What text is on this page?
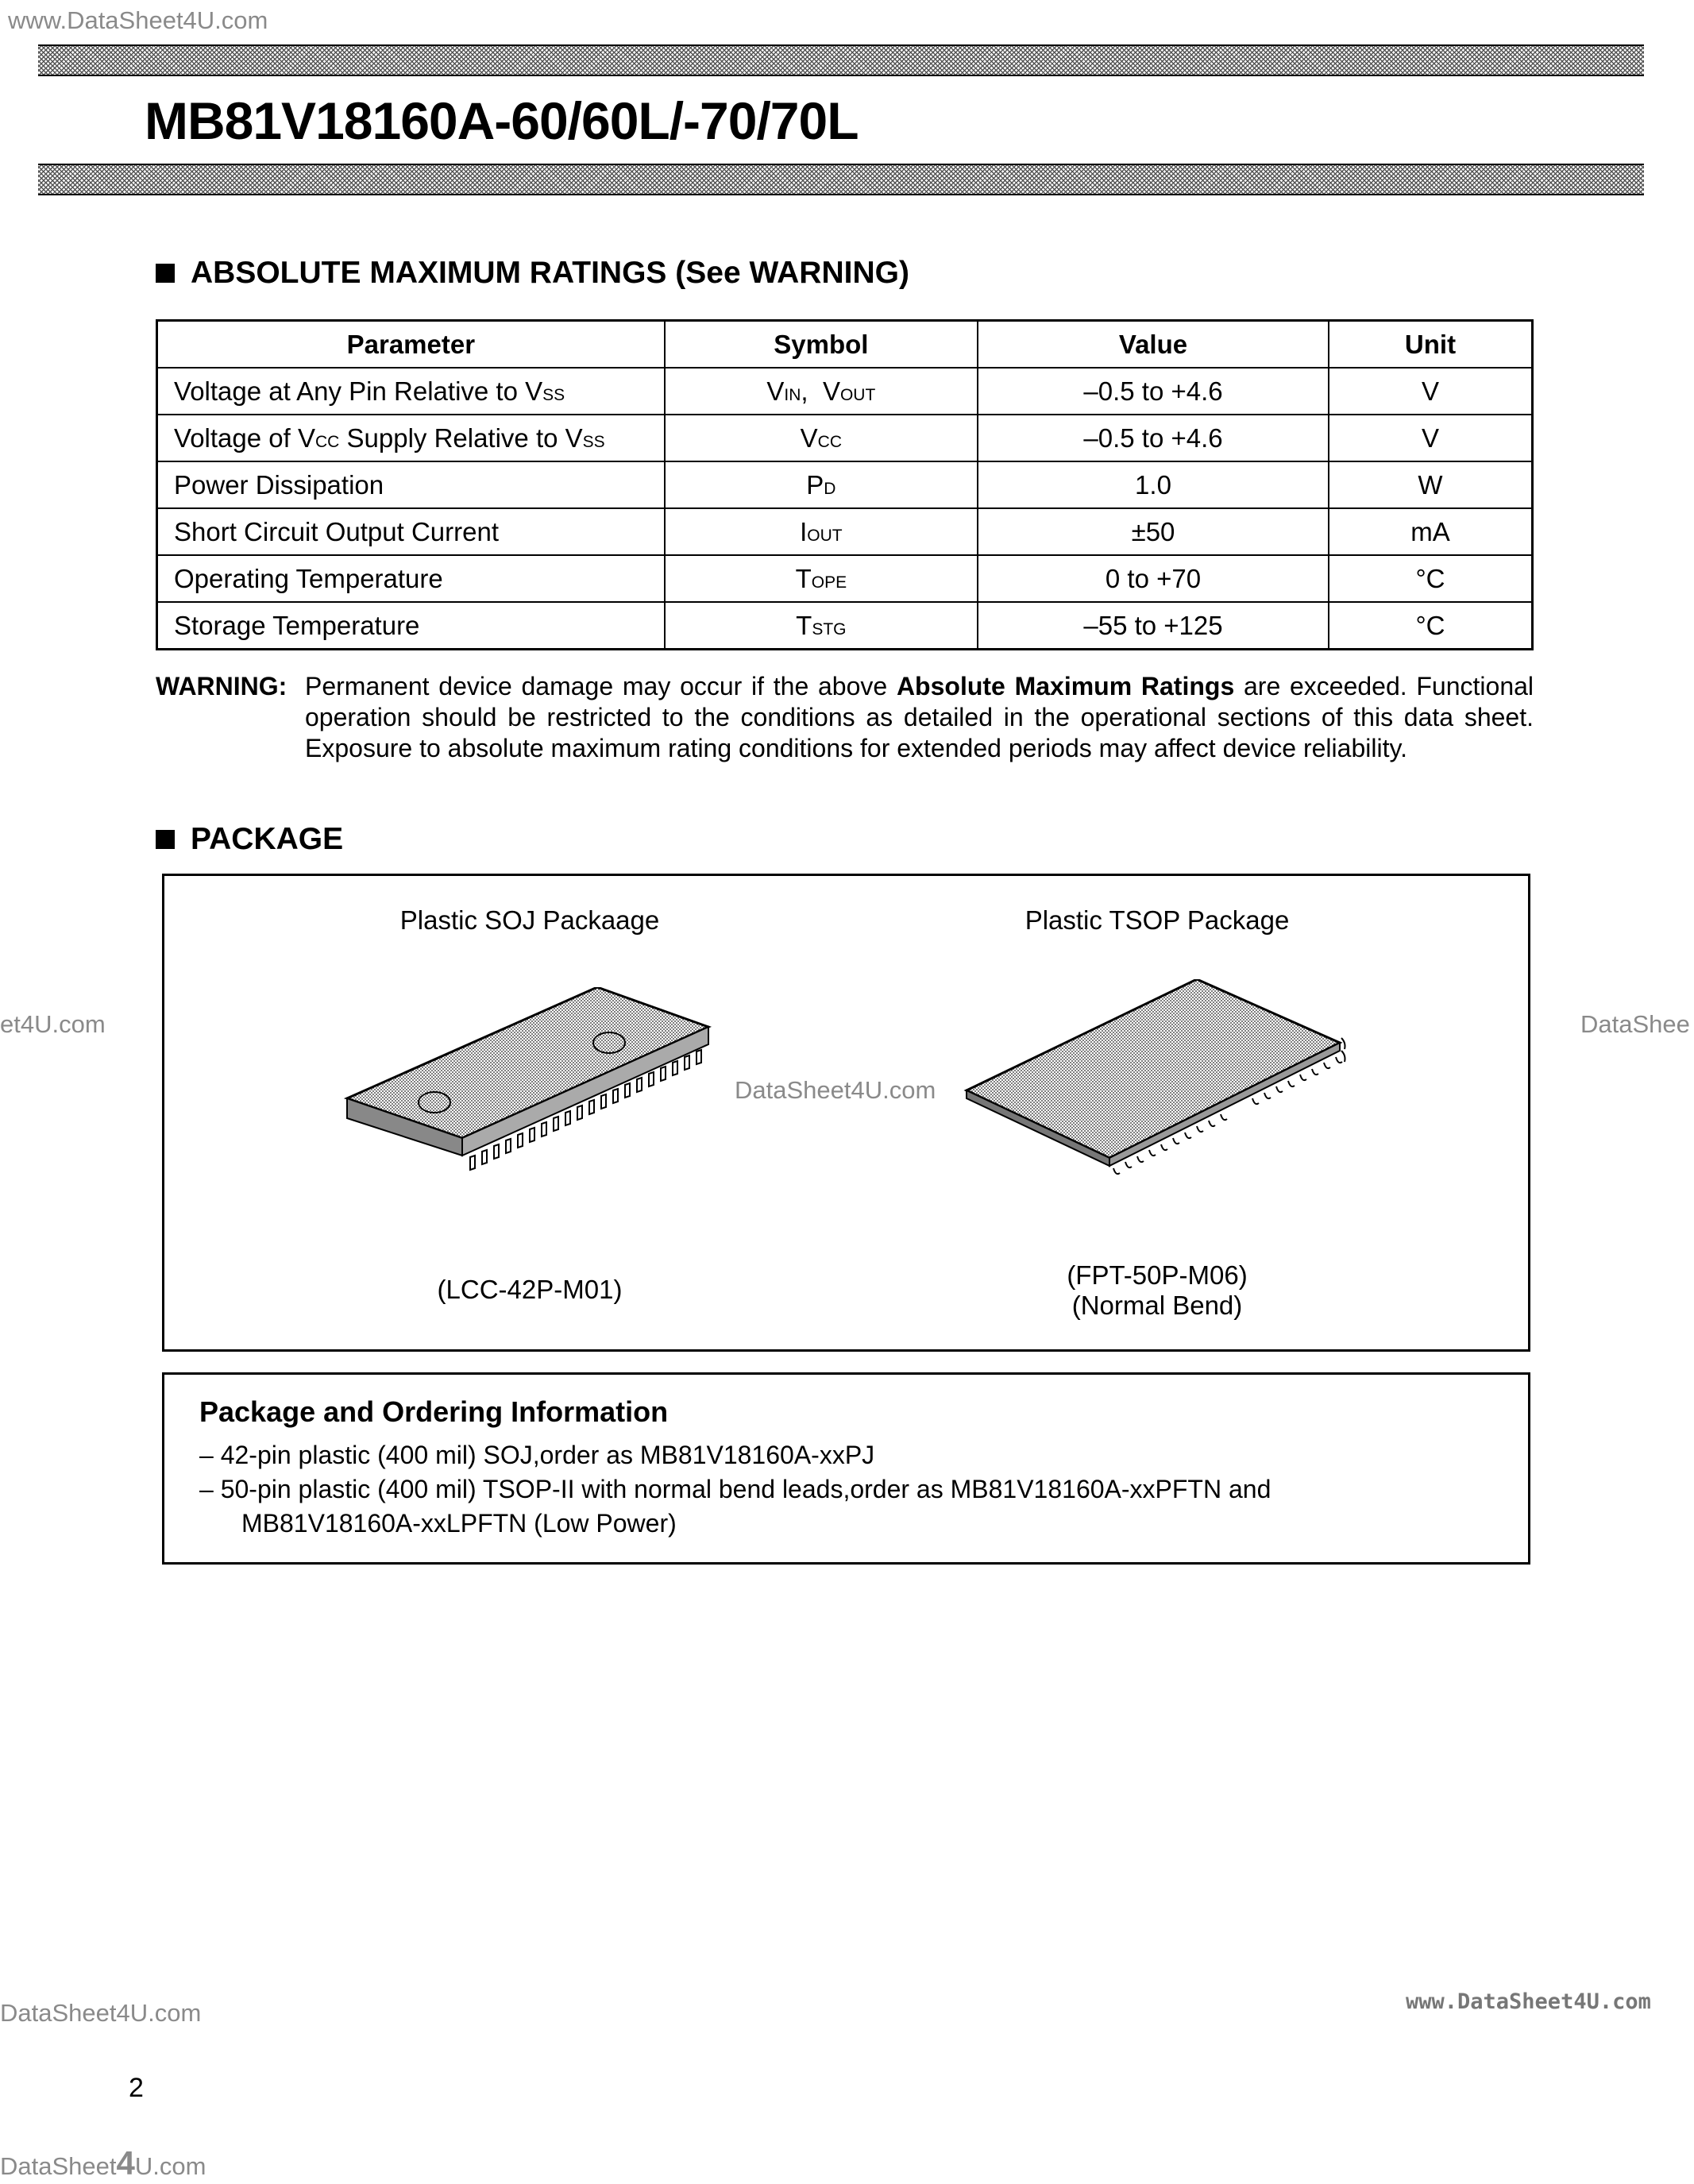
www.DataSheet4U.com
et4U.com
DataSheet4U.com
DataShee
DataSheet4U.com	www.DataSheet4U.com
DataSheet4U.com
MB81V18160A-60/60L/-70/70L
ABSOLUTE MAXIMUM RATINGS (See WARNING)
Parameter	Symbol	Value	Unit
Voltage at Any Pin Relative to VSS	VIN,  VOUT	–0.5 to +4.6	V
Voltage of VCC Supply Relative to VSS	VCC	–0.5 to +4.6	V
Power Dissipation	PD	1.0	W
Short Circuit Output Current	IOUT	±50	mA
Operating Temperature	TOPE	0 to +70	°C
Storage Temperature	TSTG	–55 to +125	°C
WARNING: Permanent device damage may occur if the above Absolute Maximum Ratings are exceeded. Functional operation should be restricted to the conditions as detailed in the operational sections of this data sheet. Exposure to absolute maximum rating conditions for extended periods may affect device reliability.
PACKAGE
Plastic SOJ Packaage	Plastic TSOP Package
(LCC-42P-M01)	(FPT-50P-M06)
(Normal Bend)
Package and Ordering Information
– 42-pin plastic (400 mil) SOJ,order as MB81V18160A-xxPJ
– 50-pin plastic (400 mil) TSOP-II with normal bend leads,order as MB81V18160A-xxPFTN and
MB81V18160A-xxLPFTN (Low Power)
2
